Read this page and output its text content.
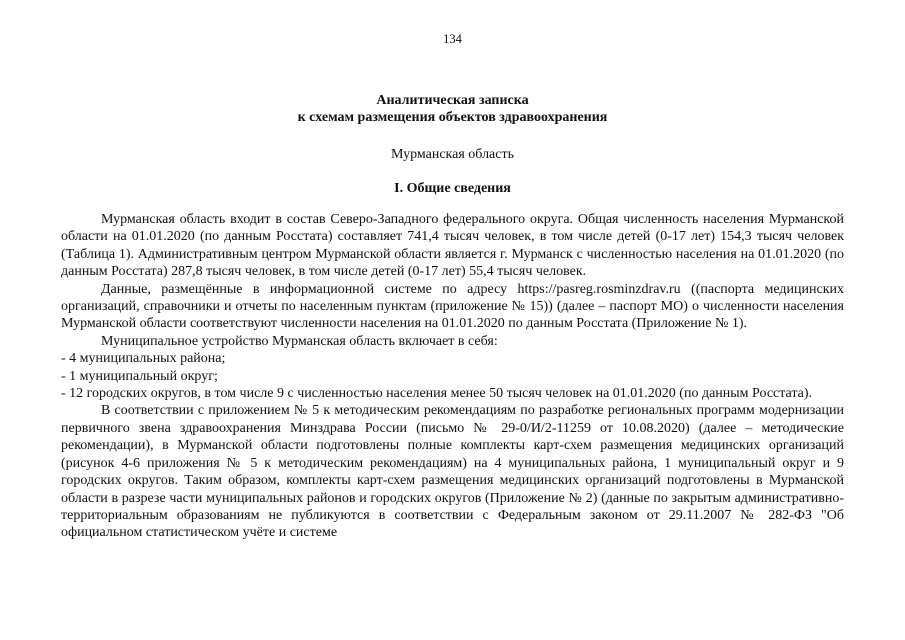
134
Аналитическая записка
к схемам размещения объектов здравоохранения
Мурманская область
I. Общие сведения

Мурманская область входит в состав Северо-Западного федерального округа. Общая численность населения Мурманской области на 01.01.2020 (по данным Росстата) составляет 741,4 тысяч человек, в том числе детей (0-17 лет) 154,3 тысяч человек (Таблица 1). Административным центром Мурманской области является г. Мурманск с численностью населения на 01.01.2020 (по данным Росстата) 287,8 тысяч человек, в том числе детей (0-17 лет) 55,4 тысяч человек.

Данные, размещённые в информационной системе по адресу https://pasreg.rosminzdrav.ru ((паспорта медицинских организаций, справочники и отчеты по населенным пунктам (приложение № 15)) (далее – паспорт МО) о численности населения Мурманской области соответствуют численности населения на 01.01.2020 по данным Росстата (Приложение № 1).

Муниципальное устройство Мурманская область включает в себя:

- 4 муниципальных района;

- 1 муниципальный округ;

- 12 городских округов, в том числе 9 с численностью населения менее 50 тысяч человек на 01.01.2020 (по данным Росстата).

В соответствии с приложением № 5 к методическим рекомендациям по разработке региональных программ модернизации первичного звена здравоохранения Минздрава России (письмо № 29-0/И/2-11259 от 10.08.2020) (далее – методические рекомендации), в Мурманской области подготовлены полные комплекты карт-схем размещения медицинских организаций (рисунок 4-6 приложения № 5 к методическим рекомендациям) на 4 муниципальных района, 1 муниципальный округ и 9 городских округов. Таким образом, комплекты карт-схем размещения медицинских организаций подготовлены в Мурманской области в разрезе части муниципальных районов и городских округов (Приложение № 2) (данные по закрытым административно-территориальным образованиям не публикуются в соответствии с Федеральным законом от 29.11.2007 № 282-ФЗ "Об официальном статистическом учёте и системе
